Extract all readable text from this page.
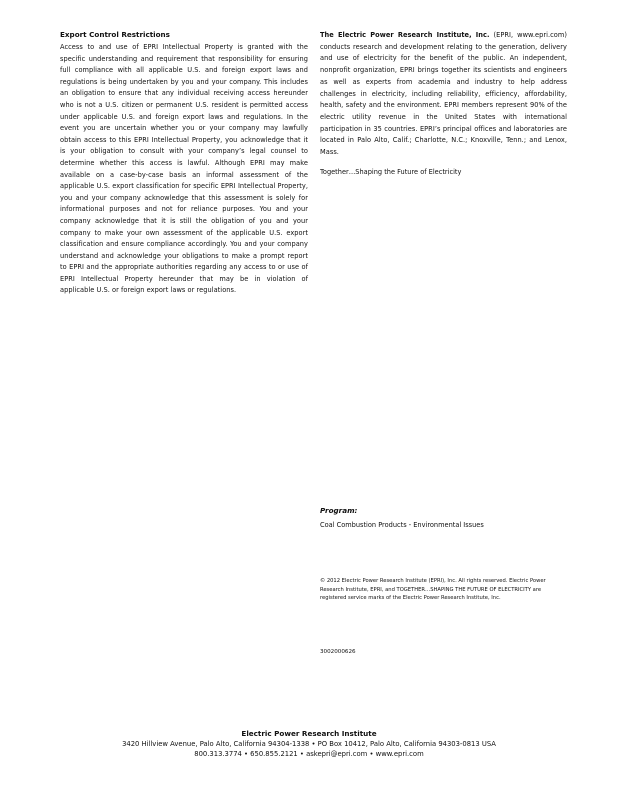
Export Control Restrictions

Access to and use of EPRI Intellectual Property is granted with the specific understanding and requirement that responsibility for ensuring full compliance with all applicable U.S. and foreign export laws and regulations is being undertaken by you and your company. This includes an obligation to ensure that any individual receiving access hereunder who is not a U.S. citizen or permanent U.S. resident is permitted access under applicable U.S. and foreign export laws and regulations. In the event you are uncertain whether you or your company may lawfully obtain access to this EPRI Intellectual Property, you acknowledge that it is your obligation to consult with your company’s legal counsel to determine whether this access is lawful. Although EPRI may make available on a case-by-case basis an informal assessment of the applicable U.S. export classification for specific EPRI Intellectual Property, you and your company acknowledge that this assessment is solely for informational purposes and not for reliance purposes. You and your company acknowledge that it is still the obligation of you and your company to make your own assessment of the applicable U.S. export classification and ensure compliance accordingly. You and your company understand and acknowledge your obligations to make a prompt report to EPRI and the appropriate authorities regarding any access to or use of EPRI Intellectual Property hereunder that may be in violation of applicable U.S. or foreign export laws or regulations.

The Electric Power Research Institute, Inc. (EPRI, www.epri.com) conducts research and development relating to the generation, delivery and use of electricity for the benefit of the public. An independent, nonprofit organization, EPRI brings together its scientists and engineers as well as experts from academia and industry to help address challenges in electricity, including reliability, efficiency, affordability, health, safety and the environment. EPRI members represent 90% of the electric utility revenue in the United States with international participation in 35 countries. EPRI’s principal offices and laboratories are located in Palo Alto, Calif.; Charlotte, N.C.; Knoxville, Tenn.; and Lenox, Mass.

Together…Shaping the Future of Electricity

Program:

Coal Combustion Products - Environmental Issues

© 2012 Electric Power Research Institute (EPRI), Inc. All rights reserved. Electric Power Research Institute, EPRI, and TOGETHER…SHAPING THE FUTURE OF ELECTRICITY are registered service marks of the Electric Power Research Institute, Inc.

3002000626

Electric Power Research Institute

3420 Hillview Avenue, Palo Alto, California 94304-1338 • PO Box 10412, Palo Alto, California 94303-0813 USA

800.313.3774 • 650.855.2121 • askepri@epri.com • www.epri.com
